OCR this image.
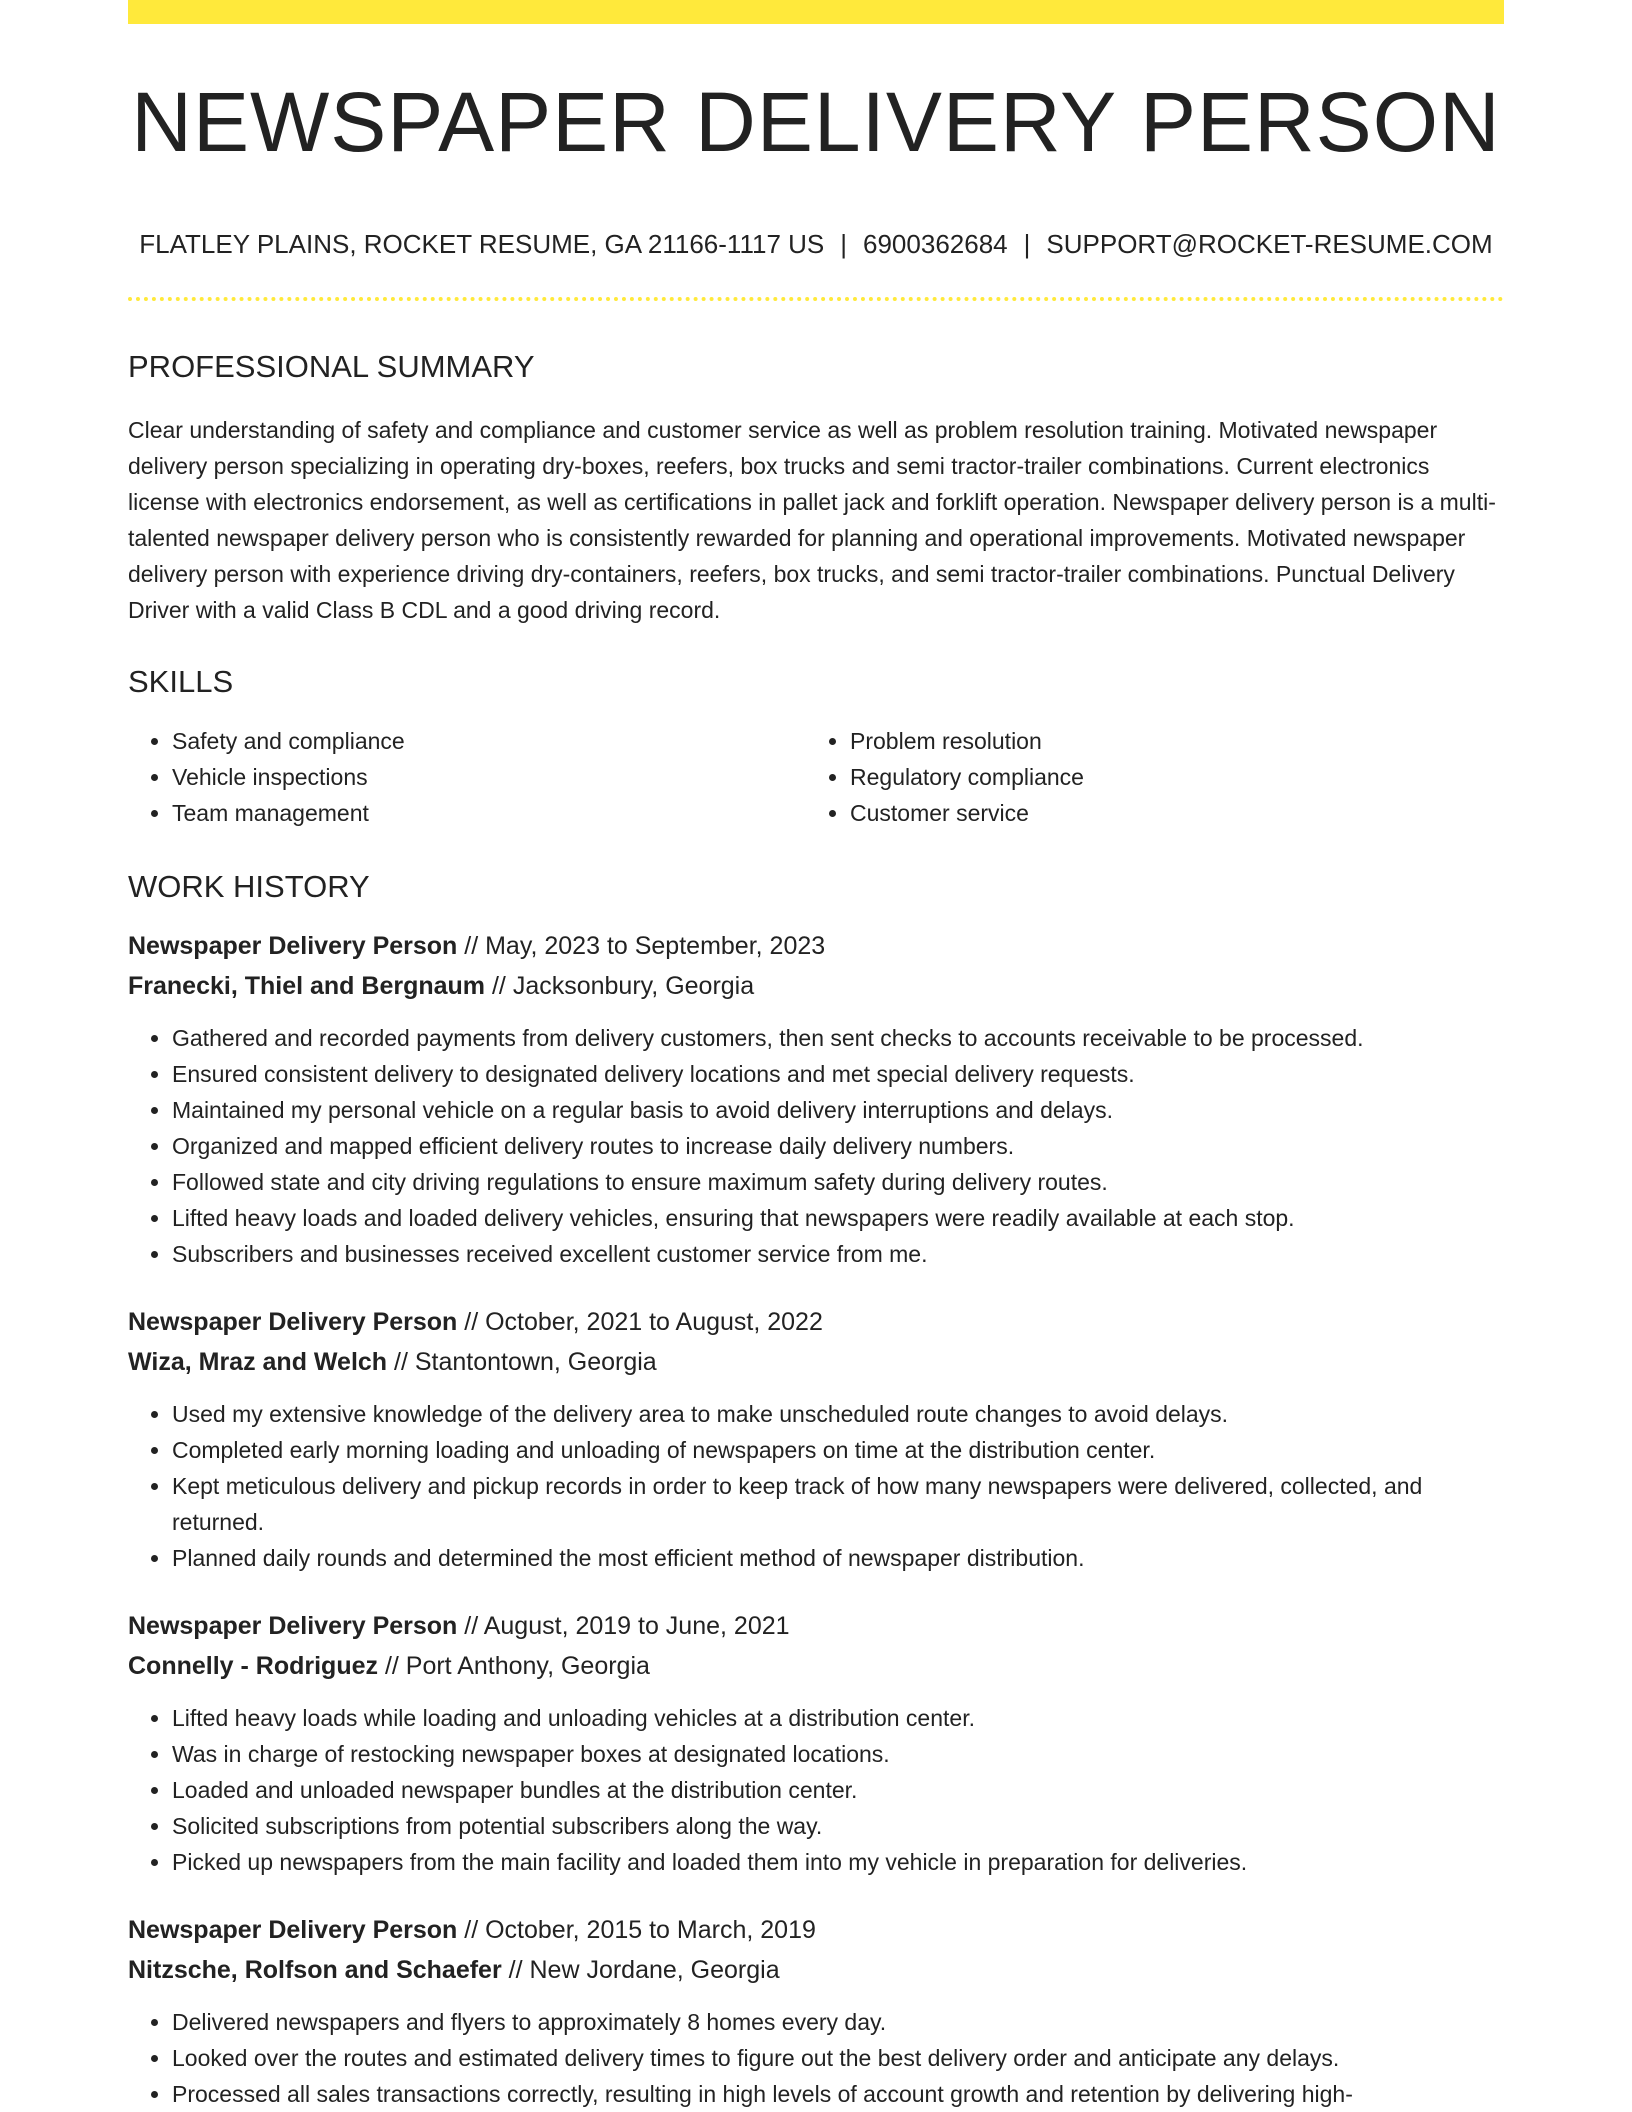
NEWSPAPER DELIVERY PERSON
FLATLEY PLAINS, ROCKET RESUME, GA 21166-1117 US | 6900362684 | SUPPORT@ROCKET-RESUME.COM
PROFESSIONAL SUMMARY

Clear understanding of safety and compliance and customer service as well as problem resolution training. Motivated newspaper delivery person specializing in operating dry-boxes, reefers, box trucks and semi tractor-trailer combinations. Current electronics license with electronics endorsement, as well as certifications in pallet jack and forklift operation. Newspaper delivery person is a multi-talented newspaper delivery person who is consistently rewarded for planning and operational improvements. Motivated newspaper delivery person with experience driving dry-containers, reefers, box trucks, and semi tractor-trailer combinations. Punctual Delivery Driver with a valid Class B CDL and a good driving record.

SKILLS
• Safety and compliance
• Vehicle inspections
• Team management
• Problem resolution
• Regulatory compliance
• Customer service
WORK HISTORY
Newspaper Delivery Person // May, 2023 to September, 2023
Franecki, Thiel and Bergnaum // Jacksonbury, Georgia
• Gathered and recorded payments from delivery customers, then sent checks to accounts receivable to be processed.
• Ensured consistent delivery to designated delivery locations and met special delivery requests.
• Maintained my personal vehicle on a regular basis to avoid delivery interruptions and delays.
• Organized and mapped efficient delivery routes to increase daily delivery numbers.
• Followed state and city driving regulations to ensure maximum safety during delivery routes.
• Lifted heavy loads and loaded delivery vehicles, ensuring that newspapers were readily available at each stop.
• Subscribers and businesses received excellent customer service from me.
Newspaper Delivery Person // October, 2021 to August, 2022
Wiza, Mraz and Welch // Stantontown, Georgia
• Used my extensive knowledge of the delivery area to make unscheduled route changes to avoid delays.
• Completed early morning loading and unloading of newspapers on time at the distribution center.
• Kept meticulous delivery and pickup records in order to keep track of how many newspapers were delivered, collected, and returned.
• Planned daily rounds and determined the most efficient method of newspaper distribution.
Newspaper Delivery Person // August, 2019 to June, 2021
Connelly - Rodriguez // Port Anthony, Georgia
• Lifted heavy loads while loading and unloading vehicles at a distribution center.
• Was in charge of restocking newspaper boxes at designated locations.
• Loaded and unloaded newspaper bundles at the distribution center.
• Solicited subscriptions from potential subscribers along the way.
• Picked up newspapers from the main facility and loaded them into my vehicle in preparation for deliveries.
Newspaper Delivery Person // October, 2015 to March, 2019
Nitzsche, Rolfson and Schaefer // New Jordane, Georgia
• Delivered newspapers and flyers to approximately 8 homes every day.
• Looked over the routes and estimated delivery times to figure out the best delivery order and anticipate any delays.
• Processed all sales transactions correctly, resulting in high levels of account growth and retention by delivering high-
